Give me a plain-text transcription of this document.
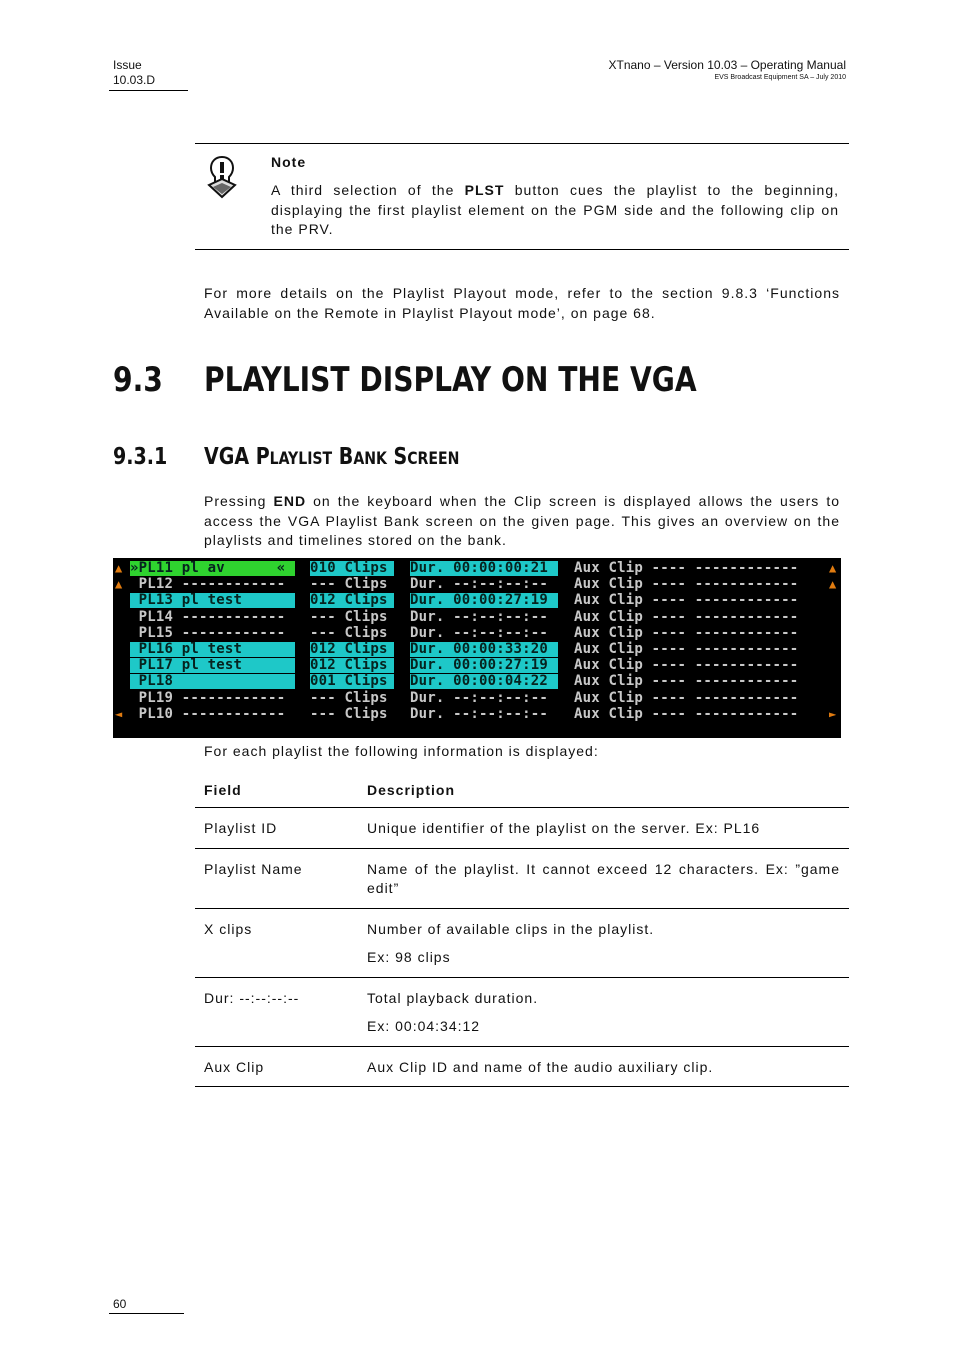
Issue
10.03.D
XTnano – Version 10.03 – Operating Manual
EVS Broadcast Equipment SA – July 2010
Note
A third selection of the PLST button cues the playlist to the beginning, displaying the first playlist element on the PGM side and the following clip on the PRV.
For more details on the Playlist Playout mode, refer to the section 9.8.3 ‘Functions Available on the Remote in Playlist Playout mode’, on page 68.
9.3 PLAYLIST DISPLAY ON THE VGA
9.3.1 VGA PLAYLIST BANK SCREEN
Pressing END on the keyboard when the Clip screen is displayed allows the users to access the VGA Playlist Bank screen on the given page. This gives an overview on the playlists and timelines stored on the bank.
▲ »PL11 pl av      «	010 Clips	Dur. 00:00:00:21	Aux Clip ---- ------------	▲
▲ PL12 ------------	--- Clips	Dur. --:--:--:--	Aux Clip ---- ------------	▲
PL13 pl test	012 Clips	Dur. 00:00:27:19	Aux Clip ---- ------------
PL14 ------------	--- Clips	Dur. --:--:--:--	Aux Clip ---- ------------
PL15 ------------	--- Clips	Dur. --:--:--:--	Aux Clip ---- ------------
PL16 pl test	012 Clips	Dur. 00:00:33:20	Aux Clip ---- ------------
PL17 pl test	012 Clips	Dur. 00:00:27:19	Aux Clip ---- ------------
PL18	001 Clips	Dur. 00:00:04:22	Aux Clip ---- ------------
PL19 ------------	--- Clips	Dur. --:--:--:--	Aux Clip ---- ------------
◄ PL10 ------------	--- Clips	Dur. --:--:--:--	Aux Clip ---- ------------	►
For each playlist the following information is displayed:
Field	Description
Playlist ID	Unique identifier of the playlist on the server. Ex: PL16

Playlist Name	Name of the playlist. It cannot exceed 12 characters. Ex: ”game edit”

X clips	Number of available clips in the playlist.

Ex: 98 clips

Dur: --:--:--:--	Total playback duration.

Ex: 00:04:34:12

Aux Clip	Aux Clip ID and name of the audio auxiliary clip.

60
